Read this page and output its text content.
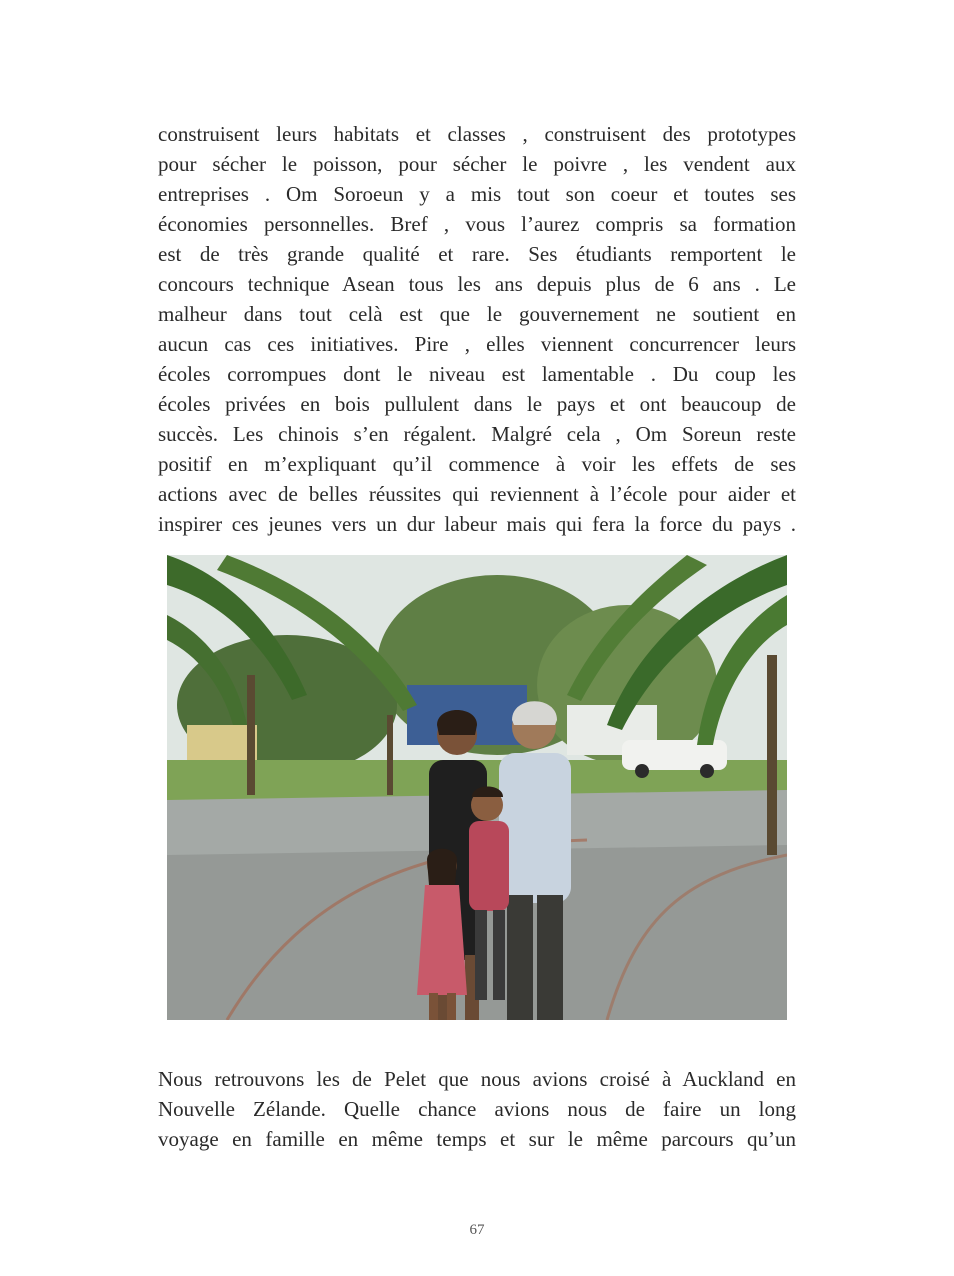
construisent leurs habitats et classes , construisent des prototypes
pour sécher le poisson, pour sécher le poivre , les vendent aux
entreprises . Om Soroeun y a mis tout son coeur et toutes ses
économies personnelles. Bref , vous l’aurez compris sa formation
est de très grande qualité et rare. Ses étudiants remportent le
concours technique Asean tous les ans depuis plus de 6 ans . Le
malheur dans tout celà est que le gouvernement ne soutient en
aucun cas ces initiatives. Pire , elles viennent concurrencer leurs
écoles corrompues dont le niveau est lamentable . Du coup les
écoles privées en bois pullulent dans le pays et ont beaucoup de
succès. Les chinois s’en régalent. Malgré cela , Om Soreun reste
positif en m’expliquant qu’il commence à voir les effets de ses
actions avec de belles réussites qui reviennent à l’école pour aider et
inspirer ces jeunes vers un dur labeur mais qui fera la force du pays .
Nous retrouvons les de Pelet que nous avions croisé à Auckland en
Nouvelle Zélande. Quelle chance avions nous de faire un long
voyage en famille en même temps et sur le même parcours qu’un
67
